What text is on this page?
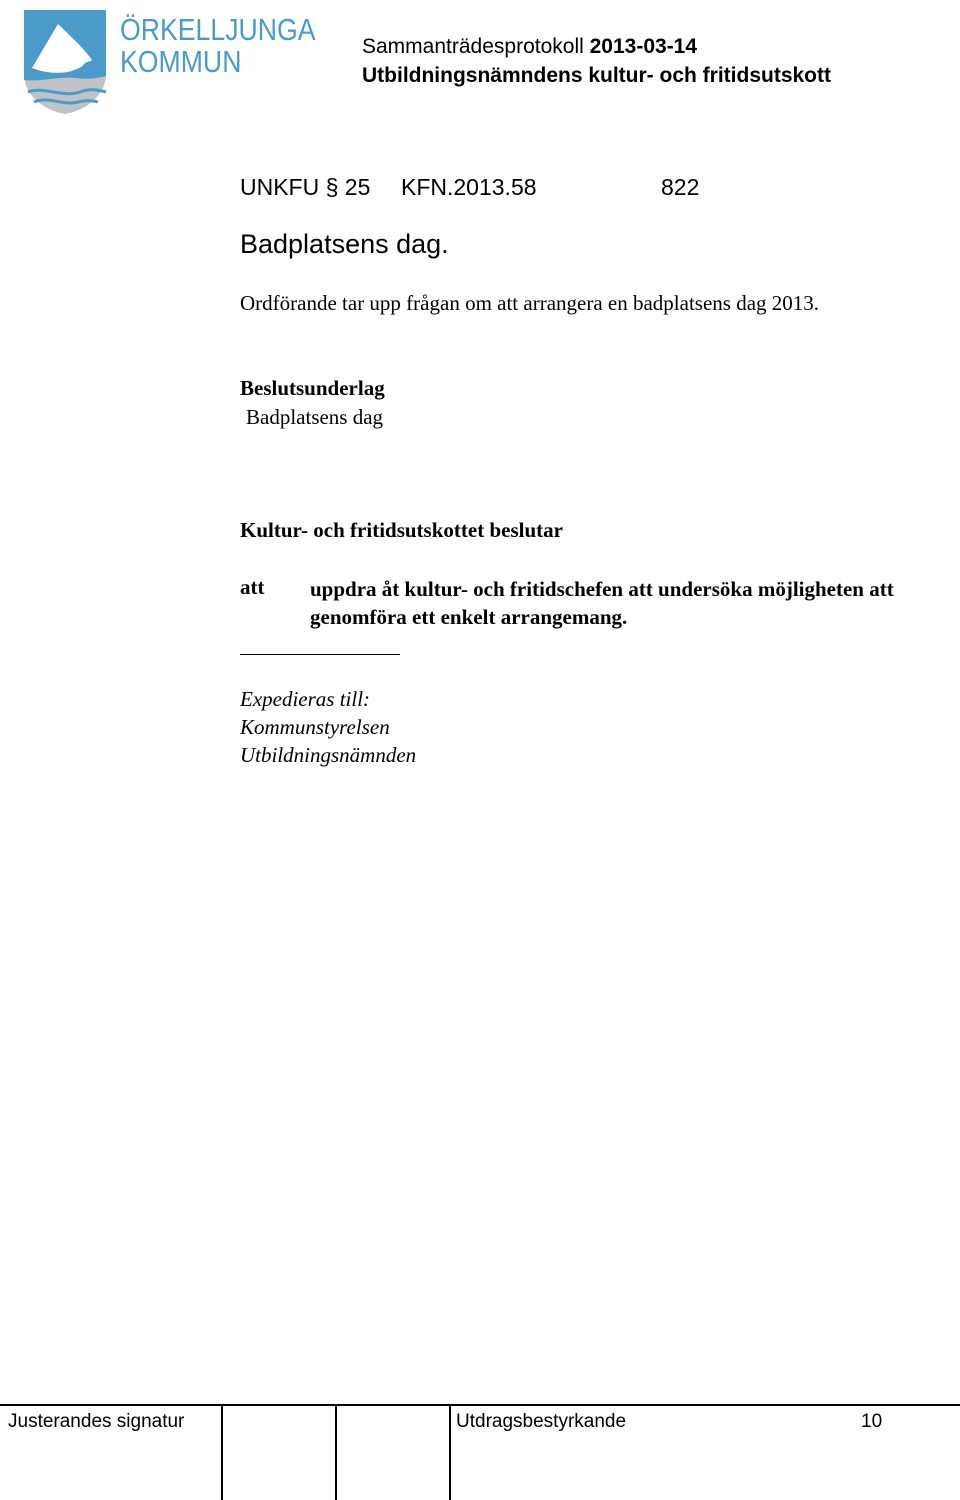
ÖRKELLJUNGA
KOMMUN	Sammanträdesprotokoll 2013-03-14
Utbildningsnämndens kultur- och fritidsutskott
UNKFU § 25 KFN.2013.58	822
Badplatsens dag.
Ordförande tar upp frågan om att arrangera en badplatsens dag 2013.
Beslutsunderlag
Badplatsens dag
Kultur- och fritidsutskottet beslutar
att uppdra åt kultur- och fritidschefen att undersöka möjligheten att genomföra ett enkelt arrangemang.
Expedieras till:
Kommunstyrelsen
Utbildningsnämnden
Justerandes signatur	Utdragsbestyrkande	10
